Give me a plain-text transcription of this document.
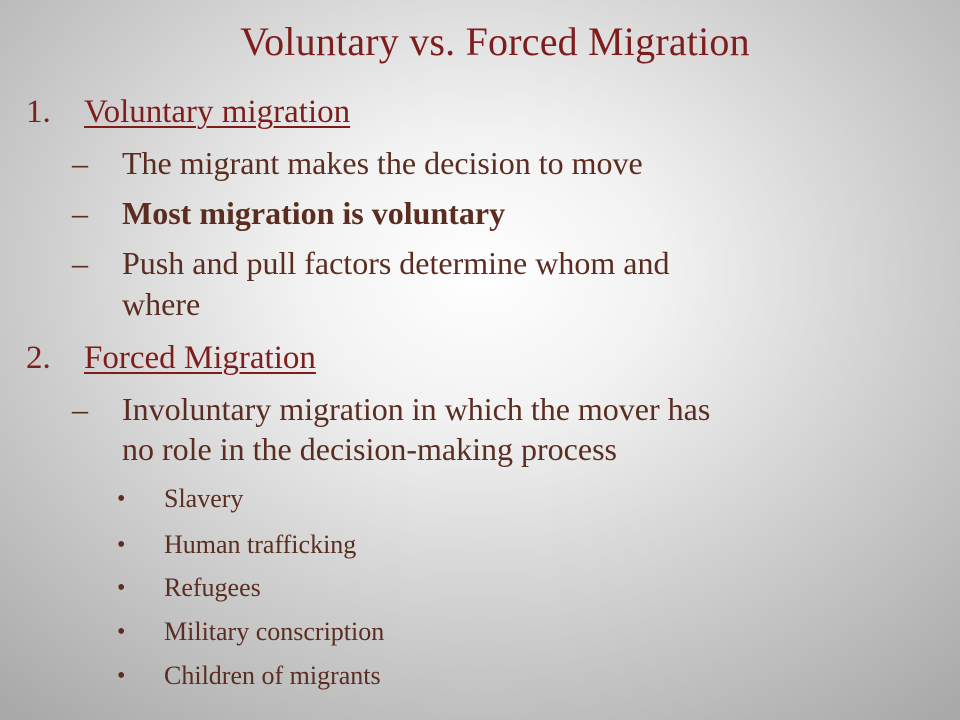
Voluntary vs. Forced Migration
1. Voluntary migration
– The migrant makes the decision to move
– Most migration is voluntary
– Push and pull factors determine whom and
where
2. Forced Migration
– Involuntary migration in which the mover has
no role in the decision-making process
• Slavery
• Human trafficking
• Refugees
• Military conscription
• Children of migrants
